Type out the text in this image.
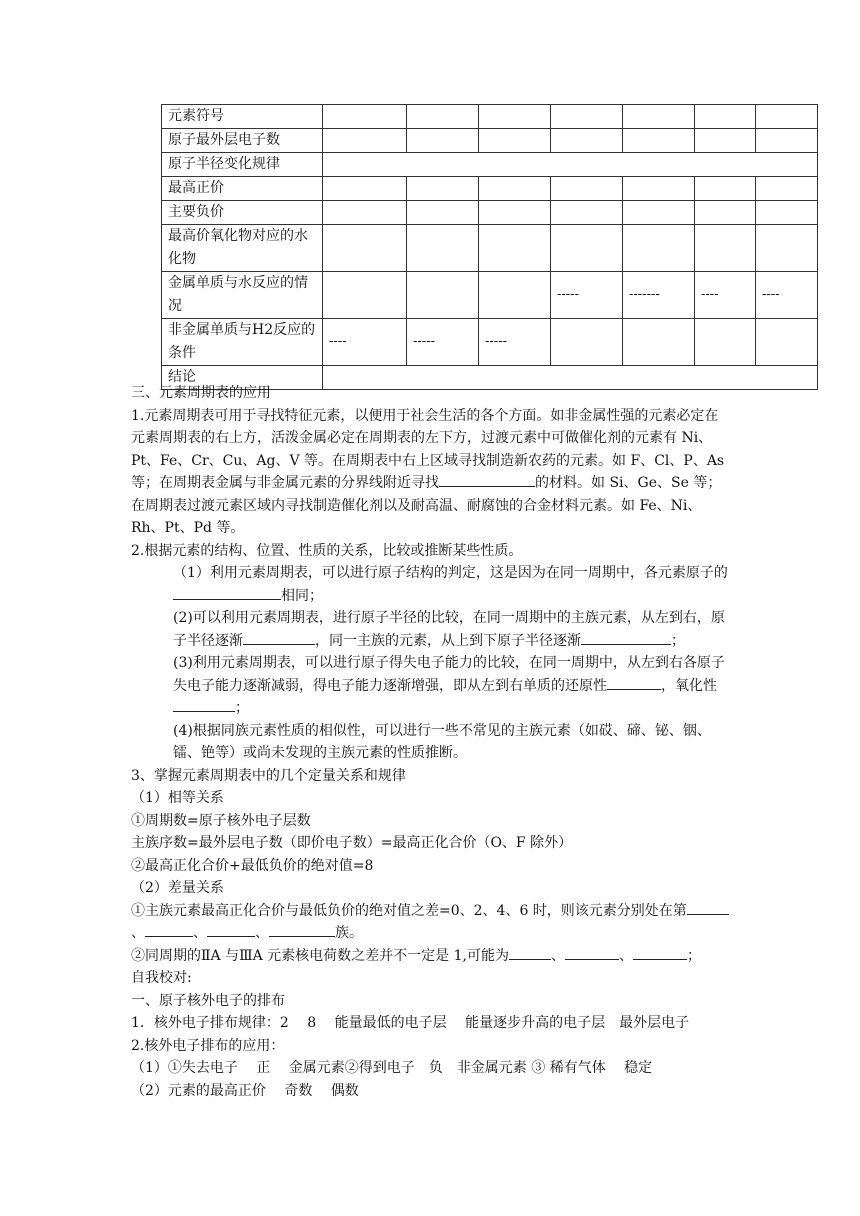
元素符号							
原子最外层电子数							
原子半径变化规律							
最高正价							
主要负价							
最高价氧化物对应的水化物							
金属单质与水反应的情况				-----	-------	----	----
非金属单质与H2反应的条件	----	-----	-----				
结论							

三、元素周期表的应用

1.元素周期表可用于寻找特征元素，以便用于社会生活的各个方面。如非金属性强的元素必定在元素周期表的右上方，活泼金属必定在周期表的左下方，过渡元素中可做催化剂的元素有 Ni、Pt、Fe、Cr、Cu、Ag、V 等。在周期表中右上区域寻找制造新农药的元素。如 F、Cl、P、As 等；在周期表金属与非金属元素的分界线附近寻找	的材料。如 Si、Ge、Se 等；在周期表过渡元素区域内寻找制造催化剂以及耐高温、耐腐蚀的合金材料元素。如 Fe、Ni、Rh、Pt、Pd 等。

2.根据元素的结构、位置、性质的关系，比较或推断某些性质。

（1）利用元素周期表，可以进行原子结构的判定，这是因为在同一周期中，各元素原子的相同；

(2)可以利用元素周期表，进行原子半径的比较，在同一周期中的主族元素，从左到右，原子半径逐渐	，同一主族的元素，从上到下原子半径逐渐	；

(3)利用元素周期表，可以进行原子得失电子能力的比较，在同一周期中，从左到右各原子失电子能力逐渐减弱，得电子能力逐渐增强，即从左到右单质的还原性	，氧化性；

(4)根据同族元素性质的相似性，可以进行一些不常见的主族元素（如砹、碲、铋、铟、镭、铯等）或尚未发现的主族元素的性质推断。

3、掌握元素周期表中的几个定量关系和规律

（1）相等关系

①周期数=原子核外电子层数

主族序数=最外层电子数（即价电子数）=最高正化合价（O、F 除外）

②最高正化合价+最低负价的绝对值=8

（2）差量关系

①主族元素最高正化合价与最低负价的绝对值之差=0、2、4、6 时，则该元素分别处在第、	、	、	族。

②同周期的ⅡA 与ⅢA 元素核电荷数之差并不一定是 1,可能为	、	、	；

自我校对:

一、原子核外电子的排布

1．核外电子排布规律：2　 8　 能量最低的电子层　 能量逐步升高的电子层　最外层电子

2.核外电子排布的应用：

（1）①失去电子　 正　 金属元素②得到电子　负　非金属元素 ③ 稀有气体　 稳定

（2）元素的最高正价　 奇数　 偶数
